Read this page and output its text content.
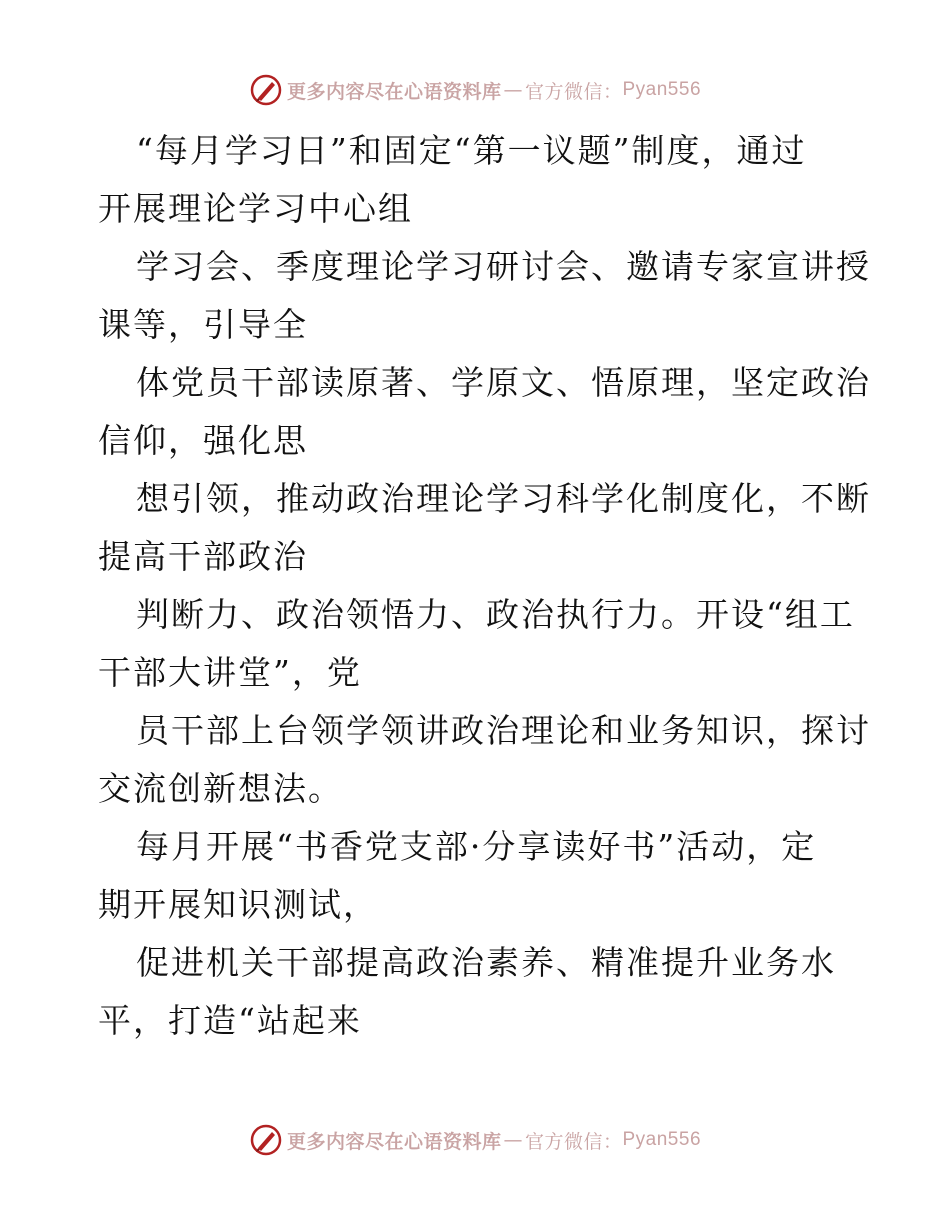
更多内容尽在心语资料库 — 官方微信： Pyan556
“每月学习日”和固定“第一议题”制度，通过
开展理论学习中心组
学习会、季度理论学习研讨会、邀请专家宣讲授
课等，引导全
体党员干部读原著、学原文、悟原理，坚定政治
信仰，强化思
想引领，推动政治理论学习科学化制度化，不断
提高干部政治
判断力、政治领悟力、政治执行力。开设“组工
干部大讲堂”，党
员干部上台领学领讲政治理论和业务知识，探讨
交流创新想法。
每月开展“书香党支部·分享读好书”活动，定
期开展知识测试，
促进机关干部提高政治素养、精准提升业务水
平，打造“站起来
更多内容尽在心语资料库 — 官方微信： Pyan556
